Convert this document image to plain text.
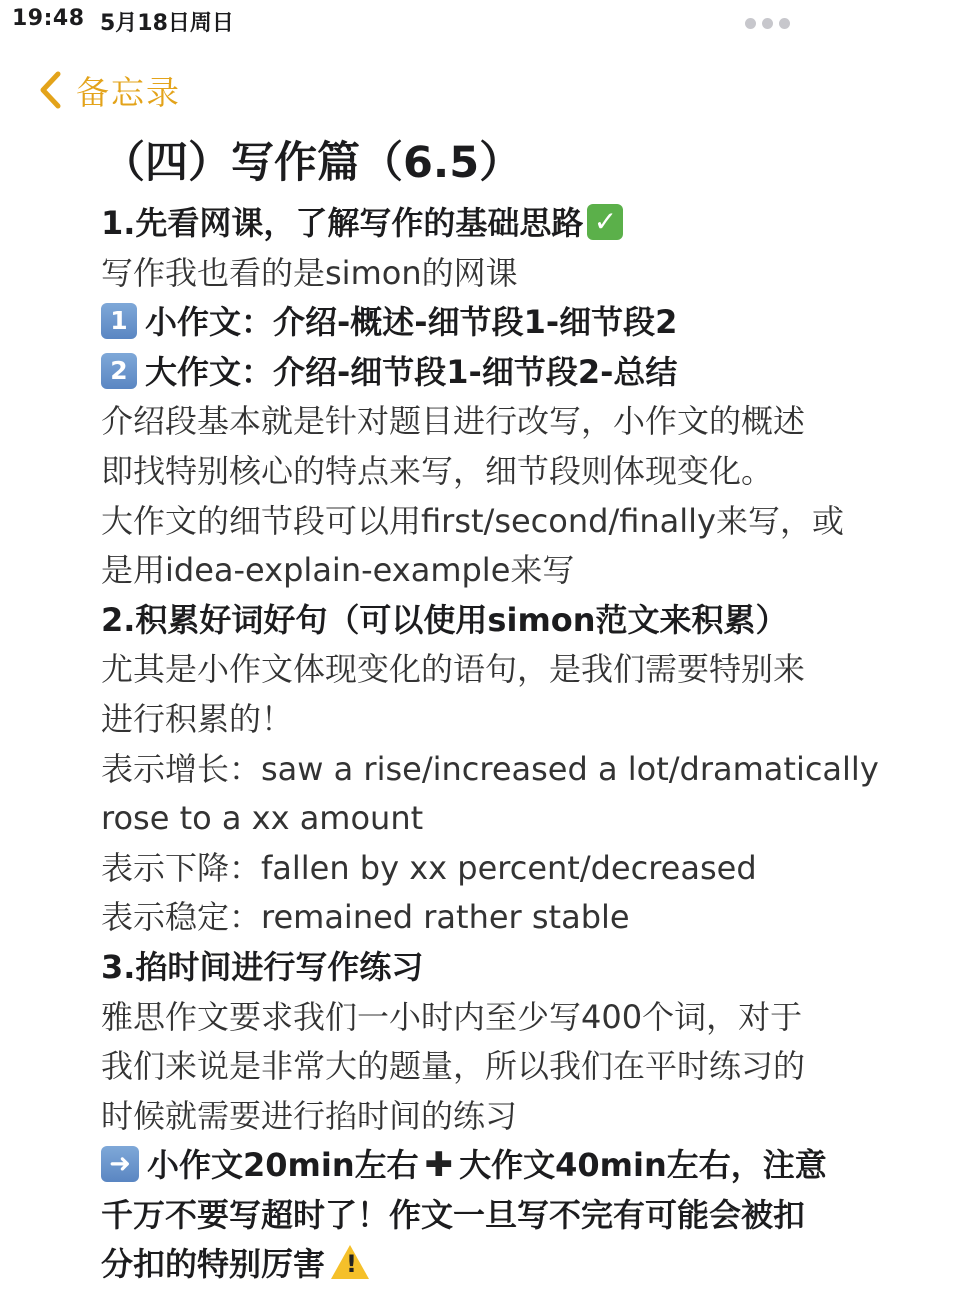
19:48 5月18日周日
备忘录
（四）写作篇（6.5）
1.先看网课，了解写作的基础思路 ✓
写作我也看的是simon的网课
1 小作文：介绍-概述-细节段1-细节段2
2 大作文：介绍-细节段1-细节段2-总结
介绍段基本就是针对题目进行改写，小作文的概述
即找特别核心的特点来写，细节段则体现变化。
大作文的细节段可以用first/second/finally来写，或
是用idea-explain-example来写
2.积累好词好句（可以使用simon范文来积累）
尤其是小作文体现变化的语句，是我们需要特别来
进行积累的！
表示增长：saw a rise/increased a lot/dramatically
rose to a xx amount
表示下降：fallen by xx percent/decreased
表示稳定：remained rather stable
3.掐时间进行写作练习
雅思作文要求我们一小时内至少写400个词，对于
我们来说是非常大的题量，所以我们在平时练习的
时候就需要进行掐时间的练习
➜ 小作文20min左右 ✚ 大作文40min左右，注意
千万不要写超时了！作文一旦写不完有可能会被扣
分扣的特别厉害!
